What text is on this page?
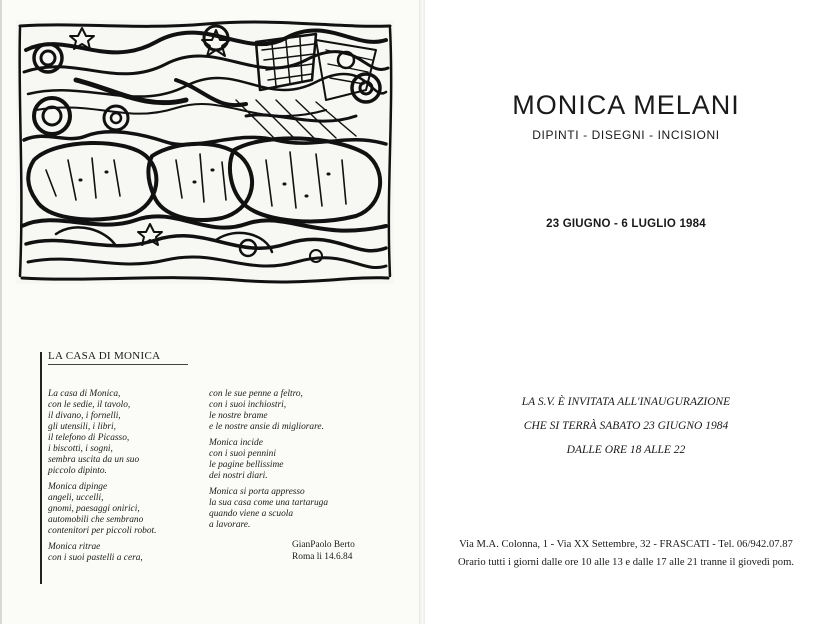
LA CASA DI MONICA
La casa di Monica,
con le sedie, il tavolo,
il divano, i fornelli,
gli utensili, i libri,
il telefono di Picasso,
i biscotti, i sogni,
sembra uscita da un suo
piccolo dipinto.
Monica dipinge
angeli, uccelli,
gnomi, paesaggi onirici,
automobili che sembrano
contenitori per piccoli robot.
Monica ritrae
con i suoi pastelli a cera,
con le sue penne a feltro,
con i suoi inchiostri,
le nostre brame
e le nostre ansie di migliorare.
Monica incide
con i suoi pennini
le pagine bellissime
dei nostri diari.
Monica si porta appresso
la sua casa come una tartaruga
quando viene a scuola
a lavorare.
GianPaolo Berto
Roma li 14.6.84
MONICA MELANI
DIPINTI - DISEGNI - INCISIONI
23 GIUGNO - 6 LUGLIO 1984
LA S.V. È INVITATA ALL'INAUGURAZIONE
CHE SI TERRÀ SABATO 23 GIUGNO 1984
DALLE ORE 18 ALLE 22
Via M.A. Colonna, 1 - Via XX Settembre, 32 - FRASCATI - Tel. 06/942.07.87
Orario tutti i giorni dalle ore 10 alle 13 e dalle 17 alle 21 tranne il giovedì pom.
